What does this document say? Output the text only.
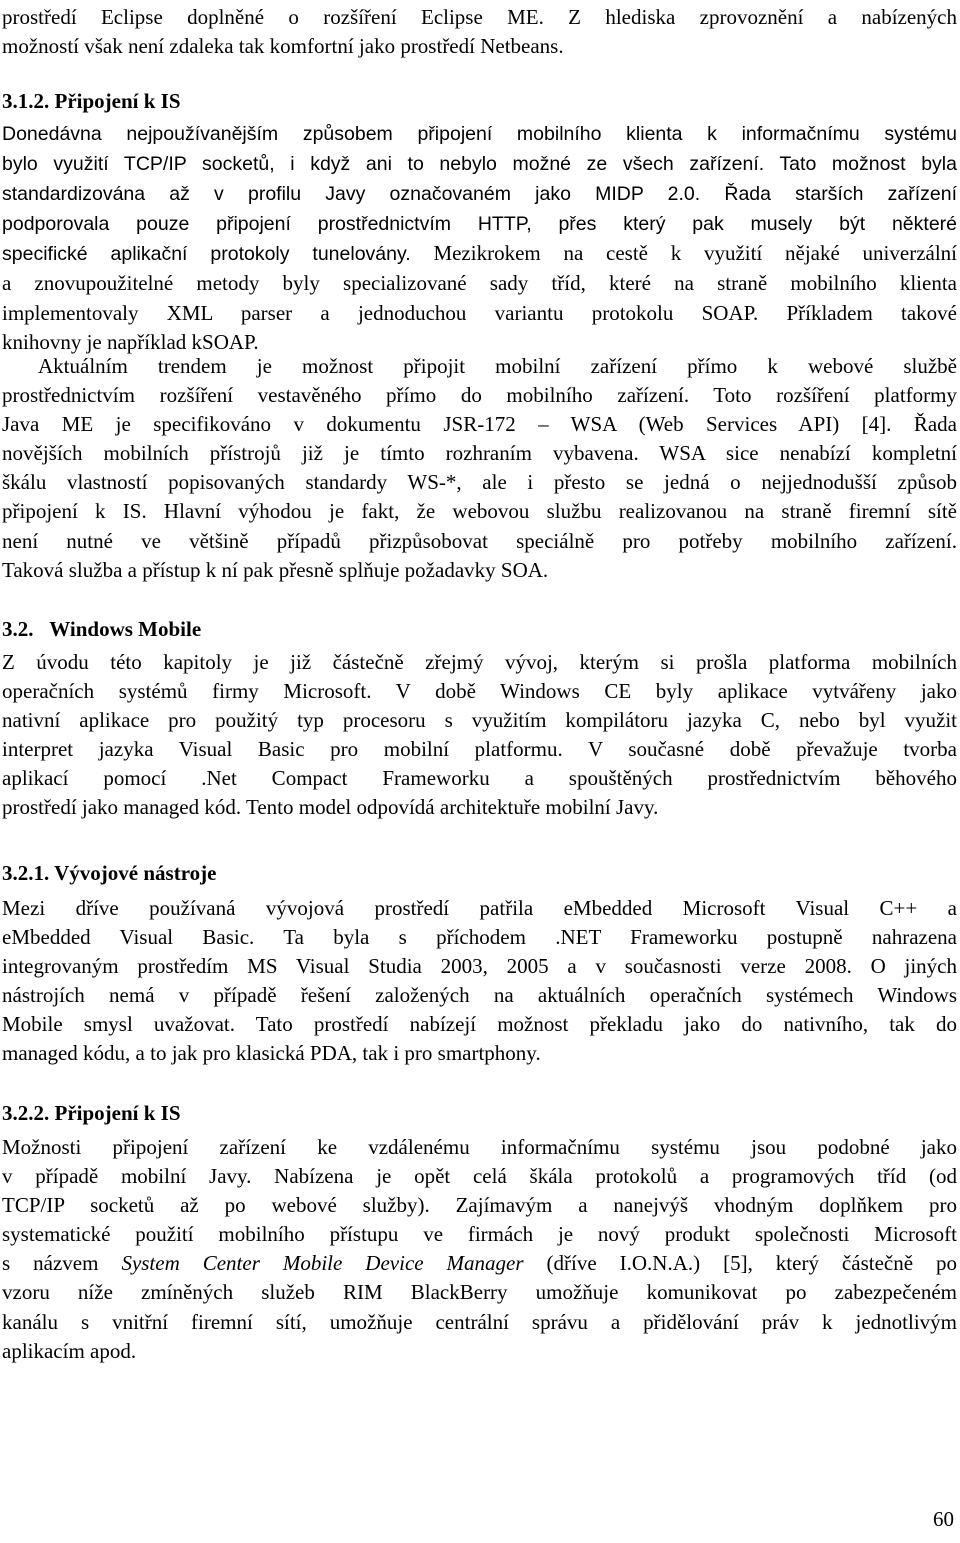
prostředí Eclipse doplněné o rozšíření Eclipse ME. Z hlediska zprovoznění a nabízených
možností však není zdaleka tak komfortní jako prostředí Netbeans.

3.1.2. Připojení k IS
Donedávna nejpoužívanějším způsobem připojení mobilního klienta k informačnímu systému
bylo využití TCP/IP socketů, i když ani to nebylo možné ze všech zařízení. Tato možnost byla
standardizována až v profilu Javy označovaném jako MIDP 2.0. Řada starších zařízení
podporovala pouze připojení prostřednictvím HTTP, přes který pak musely být některé
specifické aplikační protokoly tunelovány. Mezikrokem na cestě k využití nějaké univerzální
a znovupoužitelné metody byly specializované sady tříd, které na straně mobilního klienta
implementovaly XML parser a jednoduchou variantu protokolu SOAP. Příkladem takové
knihovny je například kSOAP.
Aktuálním trendem je možnost připojit mobilní zařízení přímo k webové službě
prostřednictvím rozšíření vestavěného přímo do mobilního zařízení. Toto rozšíření platformy
Java ME je specifikováno v dokumentu JSR-172 – WSA (Web Services API) [4]. Řada
novějších mobilních přístrojů již je tímto rozhraním vybavena. WSA sice nenabízí kompletní
škálu vlastností popisovaných standardy WS-*, ale i přesto se jedná o nejjednodušší způsob
připojení k IS. Hlavní výhodou je fakt, že webovou službu realizovanou na straně firemní sítě
není nutné ve většině případů přizpůsobovat speciálně pro potřeby mobilního zařízení.
Taková služba a přístup k ní pak přesně splňuje požadavky SOA.
3.2. Windows Mobile
Z úvodu této kapitoly je již částečně zřejmý vývoj, kterým si prošla platforma mobilních
operačních systémů firmy Microsoft. V době Windows CE byly aplikace vytvářeny jako
nativní aplikace pro použitý typ procesoru s využitím kompilátoru jazyka C, nebo byl využit
interpret jazyka Visual Basic pro mobilní platformu. V současné době převažuje tvorba
aplikací pomocí .Net Compact Frameworku a spouštěných prostřednictvím běhového
prostředí jako managed kód. Tento model odpovídá architektuře mobilní Javy.
3.2.1. Vývojové nástroje
Mezi dříve používaná vývojová prostředí patřila eMbedded Microsoft Visual C++ a
eMbedded Visual Basic. Ta byla s příchodem .NET Frameworku postupně nahrazena
integrovaným prostředím MS Visual Studia 2003, 2005 a v současnosti verze 2008. O jiných
nástrojích nemá v případě řešení založených na aktuálních operačních systémech Windows
Mobile smysl uvažovat. Tato prostředí nabízejí možnost překladu jako do nativního, tak do
managed kódu, a to jak pro klasická PDA, tak i pro smartphony.
3.2.2. Připojení k IS
Možnosti připojení zařízení ke vzdálenému informačnímu systému jsou podobné jako
v případě mobilní Javy. Nabízena je opět celá škála protokolů a programových tříd (od
TCP/IP socketů až po webové služby). Zajímavým a nanejvýš vhodným doplňkem pro
systematické použití mobilního přístupu ve firmách je nový produkt společnosti Microsoft
s názvem System Center Mobile Device Manager (dříve I.O.N.A.) [5], který částečně po
vzoru níže zmíněných služeb RIM BlackBerry umožňuje komunikovat po zabezpečeném
kanálu s vnitřní firemní sítí, umožňuje centrální správu a přidělování práv k jednotlivým
aplikacím apod.
60
